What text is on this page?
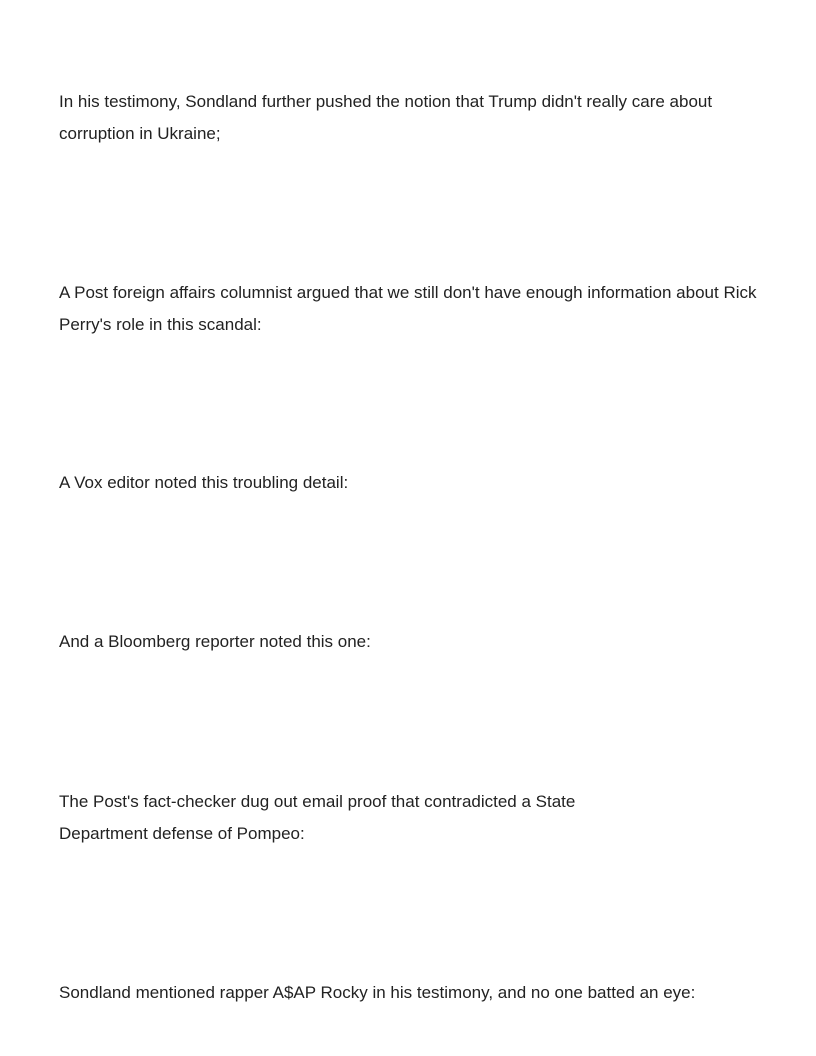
In his testimony, Sondland further pushed the notion that Trump didn't really care about corruption in Ukraine;

A Post foreign affairs columnist argued that we still don't have enough information about Rick Perry's role in this scandal:

A Vox editor noted this troubling detail:

And a Bloomberg reporter noted this one:

The Post's fact-checker dug out email proof that contradicted a State Department defense of Pompeo:

Sondland mentioned rapper A$AP Rocky in his testimony, and no one batted an eye:
